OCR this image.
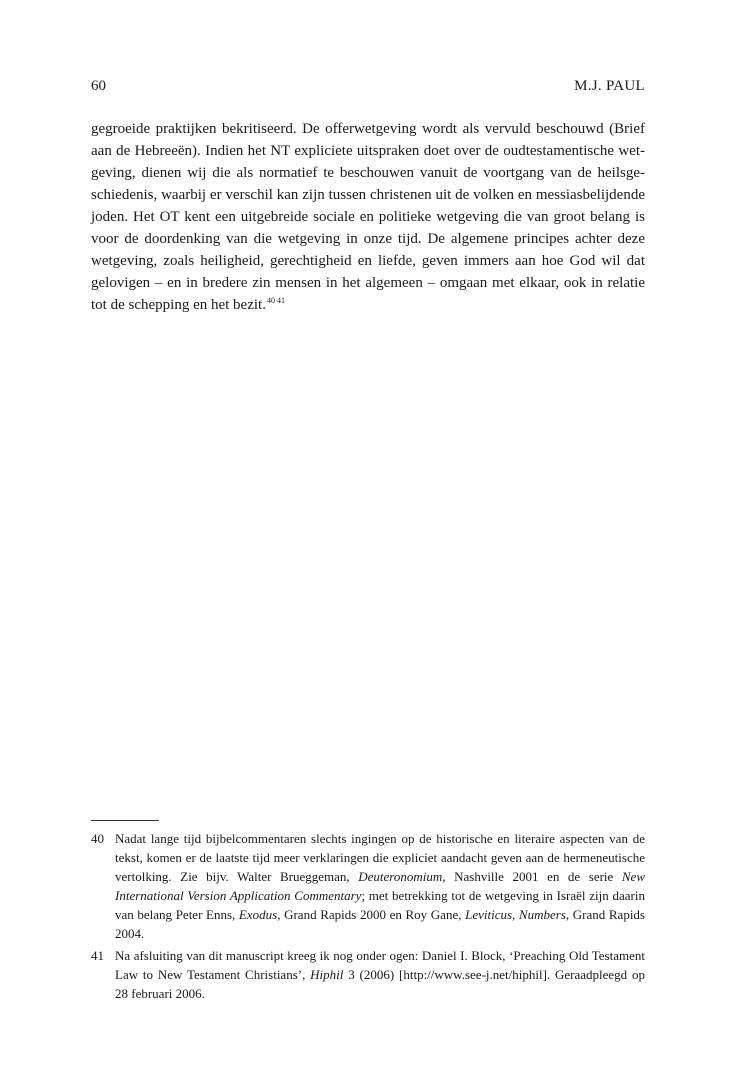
60	M.J. PAUL

gegroeide praktijken bekritiseerd. De offerwetgeving wordt als vervuld beschouwd (Brief aan de Hebreeën). Indien het NT expliciete uitspraken doet over de oudtestamentische wetgeving, dienen wij die als normatief te beschouwen vanuit de voortgang van de heilsgeschiedenis, waarbij er verschil kan zijn tussen christenen uit de volken en messiasbelijdende joden. Het OT kent een uitgebreide sociale en politieke wetgeving die van groot belang is voor de doordenking van die wetgeving in onze tijd. De algemene principes achter deze wetgeving, zoals heiligheid, gerechtigheid en liefde, geven immers aan hoe God wil dat gelovigen – en in bredere zin mensen in het algemeen – omgaan met elkaar, ook in relatie tot de schepping en het bezit.$^{40 41}$

40 Nadat lange tijd bijbelcommentaren slechts ingingen op de historische en literaire aspecten van de tekst, komen er de laatste tijd meer verklaringen die expliciet aandacht geven aan de hermeneutische vertolking. Zie bijv. Walter Brueggeman, Deuteronomium, Nashville 2001 en de serie New International Version Application Commentary; met betrekking tot de wetgeving in Israël zijn daarin van belang Peter Enns, Exodus, Grand Rapids 2000 en Roy Gane, Leviticus, Numbers, Grand Rapids 2004.
41 Na afsluiting van dit manuscript kreeg ik nog onder ogen: Daniel I. Block, ‘Preaching Old Testament Law to New Testament Christians’, Hiphil 3 (2006) [http://www.see-j.net/hiphil]. Geraadpleegd op 28 februari 2006.
